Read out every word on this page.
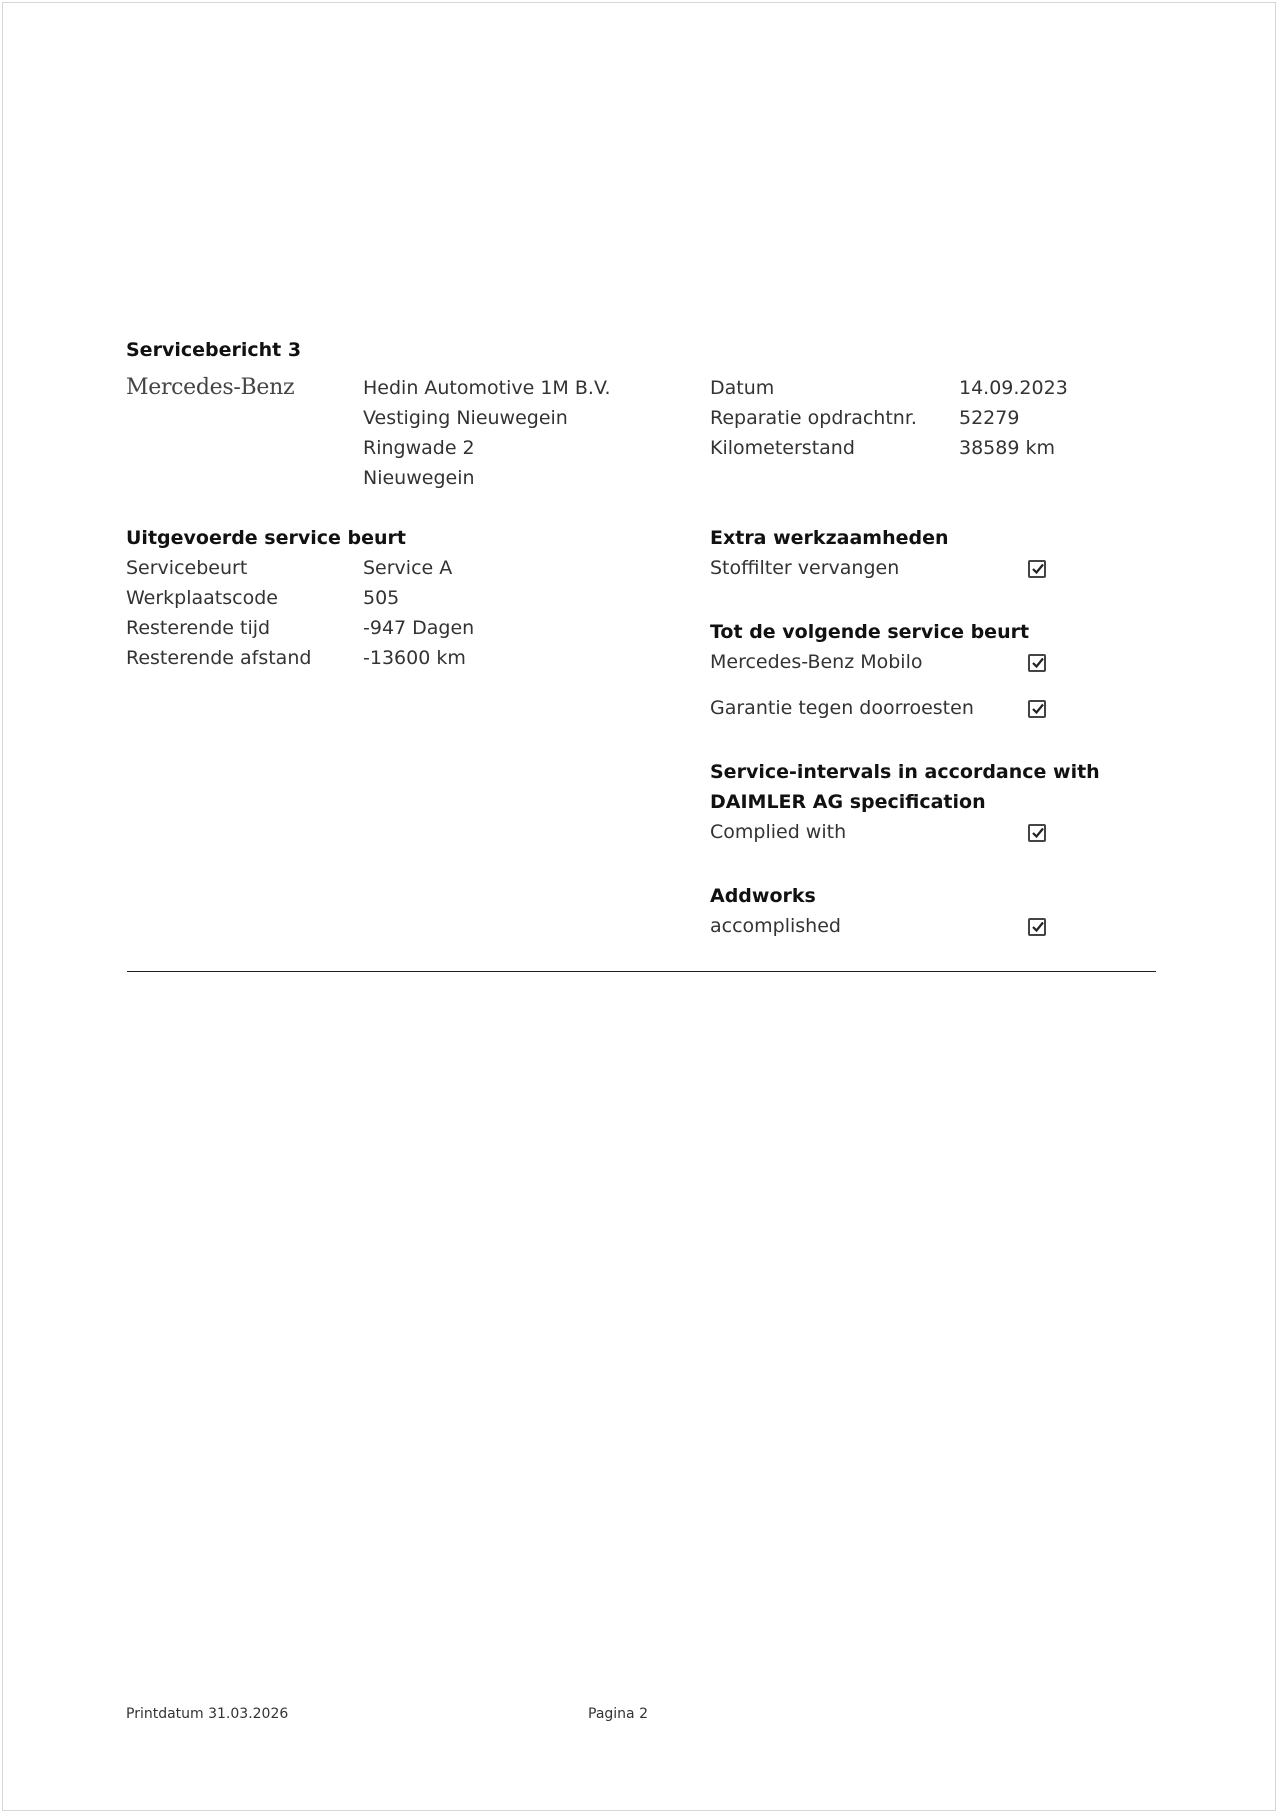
Servicebericht 3
Mercedes-Benz	Hedin Automotive 1M B.V.
Vestiging Nieuwegein
Ringwade 2
Nieuwegein
Datum	14.09.2023
Reparatie opdrachtnr. 52279
Kilometerstand	38589 km
Uitgevoerde service beurt
Servicebeurt	Service A
Werkplaatscode	505
Resterende tijd	-947 Dagen
Resterende afstand	-13600 km
Extra werkzaamheden
Stoffilter vervangen
Tot de volgende service beurt
Mercedes-Benz Mobilo
Garantie tegen doorroesten
Service-intervals in accordance with
DAIMLER AG specification
Complied with
Addworks
accomplished
Printdatum 31.03.2026	Pagina 2
